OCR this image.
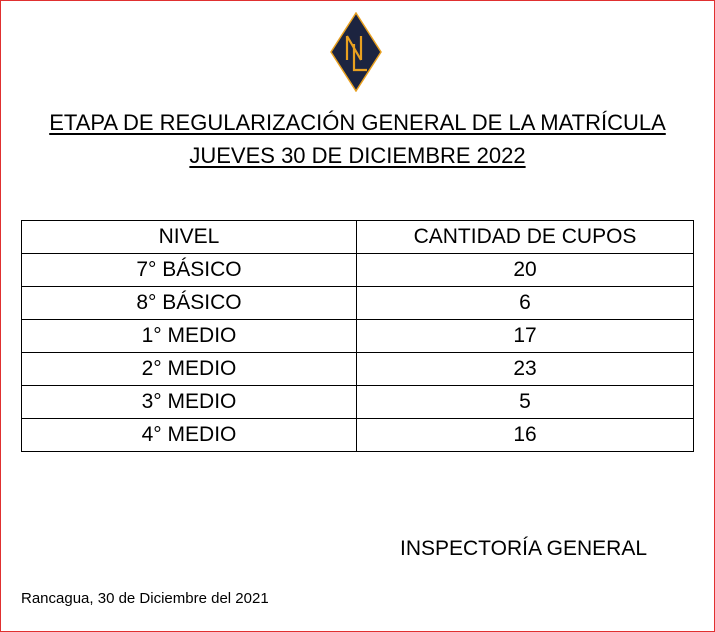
ETAPA DE REGULARIZACIÓN GENERAL DE LA MATRÍCULA
JUEVES 30 DE DICIEMBRE 2022
NIVEL	CANTIDAD DE CUPOS
7° BÁSICO	20
8° BÁSICO	6
1° MEDIO	17
2° MEDIO	23
3° MEDIO	5
4° MEDIO	16
INSPECTORÍA GENERAL
Rancagua, 30 de Diciembre del 2021
